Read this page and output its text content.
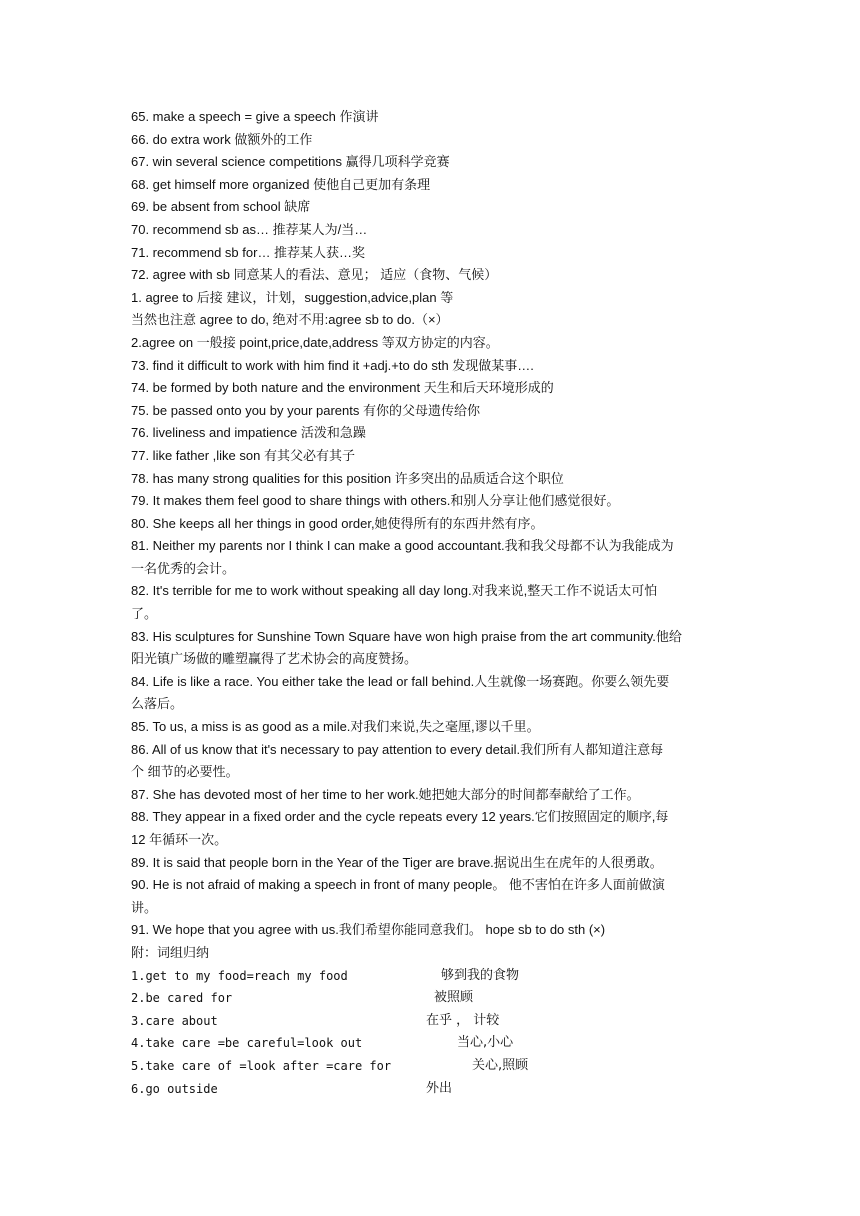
65. make a speech = give a speech 作演讲
66. do extra work 做额外的工作
67. win several science competitions 赢得几项科学竞赛
68. get himself more organized 使他自己更加有条理
69. be absent from school 缺席
70. recommend sb as… 推荐某人为/当…
71. recommend sb for… 推荐某人获…奖
72. agree with sb 同意某人的看法、意见； 适应（食物、气候）
1. agree to 后接 建议，计划，suggestion,advice,plan 等
当然也注意 agree to do, 绝对不用:agree sb to do.（×）
2.agree on 一般接 point,price,date,address 等双方协定的内容。
73. find it difficult to work with him find it +adj.+to do sth 发现做某事….
74. be formed by both nature and the environment 天生和后天环境形成的
75. be passed onto you by your parents 有你的父母遗传给你
76. liveliness and impatience 活泼和急躁
77. like father ,like son 有其父必有其子
78. has many strong qualities for this position 许多突出的品质适合这个职位
79. It makes them feel good to share things with others.和别人分享让他们感觉很好。
80. She keeps all her things in good order,她使得所有的东西井然有序。
81. Neither my parents nor I think I can make a good accountant.我和我父母都不认为我能成为
一名优秀的会计。
82. It's terrible for me to work without speaking all day long.对我来说,整天工作不说话太可怕
了。
83. His sculptures for Sunshine Town Square have won high praise from the art community.他给
阳光镇广场做的雕塑赢得了艺术协会的高度赞扬。
84. Life is like a race. You either take the lead or fall behind.人生就像一场赛跑。你要么领先要
么落后。
85. To us, a miss is as good as a mile.对我们来说,失之毫厘,谬以千里。
86. All of us know that it's necessary to pay attention to every detail.我们所有人都知道注意每
个 细节的必要性。
87. She has devoted most of her time to her work.她把她大部分的时间都奉献给了工作。
88. They appear in a fixed order and the cycle repeats every 12 years.它们按照固定的顺序,每
12 年循环一次。
89. It is said that people born in the Year of the Tiger are brave.据说出生在虎年的人很勇敢。
90. He is not afraid of making a speech in front of many people。 他不害怕在许多人面前做演
讲。
91. We hope that you agree with us.我们希望你能同意我们。 hope sb to do sth (×)
附：词组归纳
1.get to my food=reach my food	够到我的食物
2.be cared for	被照顾
3.care about	在乎 ， 计较
4.take care =be careful=look out	当心,小心
5.take care of =look after =care for	关心,照顾
6.go outside	外出
